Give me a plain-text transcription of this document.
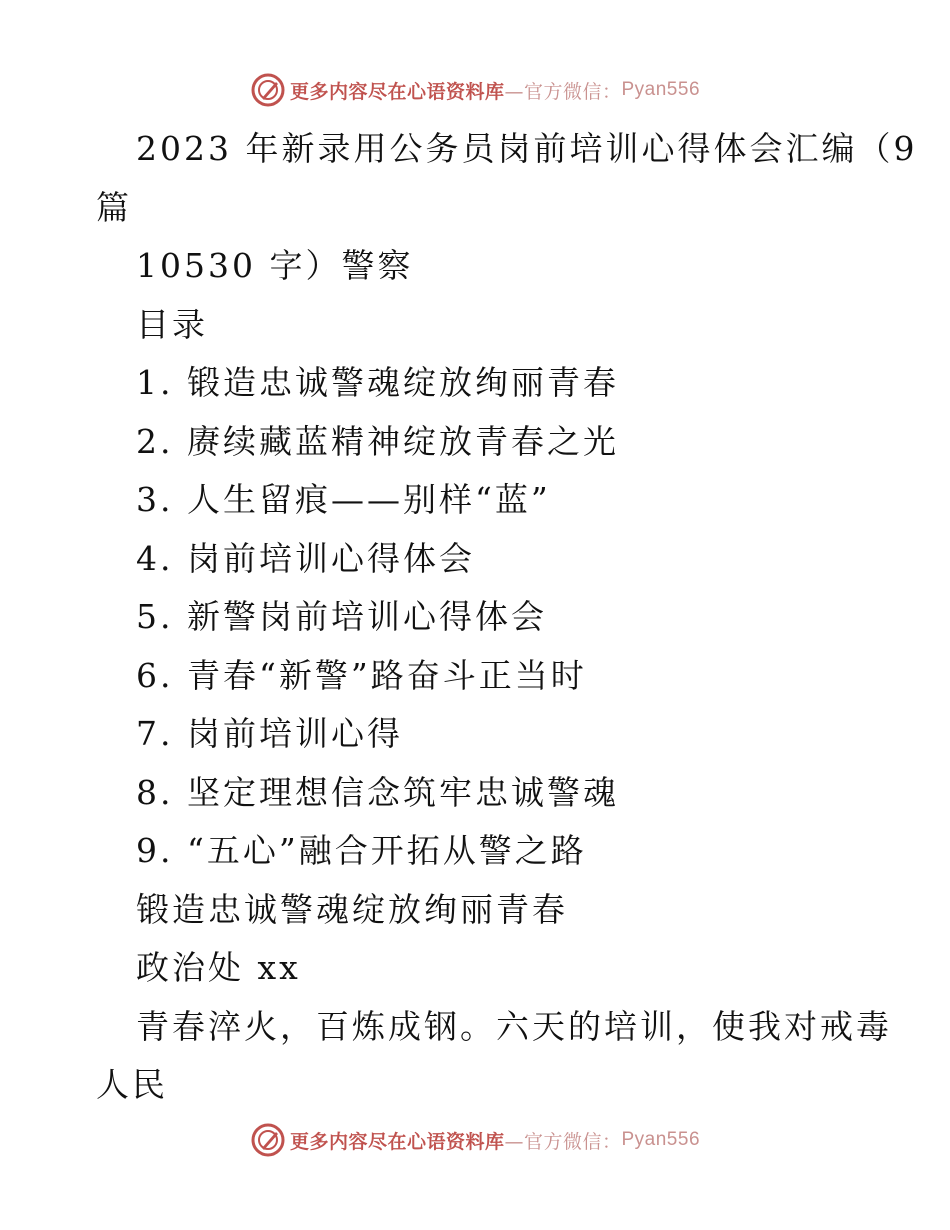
更多内容尽在心语资料库 —官方微信： Pyan556
2023 年新录用公务员岗前培训心得体会汇编（9
篇
10530 字）警察
目录
1. 锻造忠诚警魂绽放绚丽青春
2. 赓续藏蓝精神绽放青春之光
3. 人生留痕——别样“蓝”
4. 岗前培训心得体会
5. 新警岗前培训心得体会
6. 青春“新警”路奋斗正当时
7. 岗前培训心得
8. 坚定理想信念筑牢忠诚警魂
9. “五心”融合开拓从警之路
锻造忠诚警魂绽放绚丽青春
政治处 xx
青春淬火，百炼成钢。六天的培训，使我对戒毒
人民
更多内容尽在心语资料库 —官方微信： Pyan556
